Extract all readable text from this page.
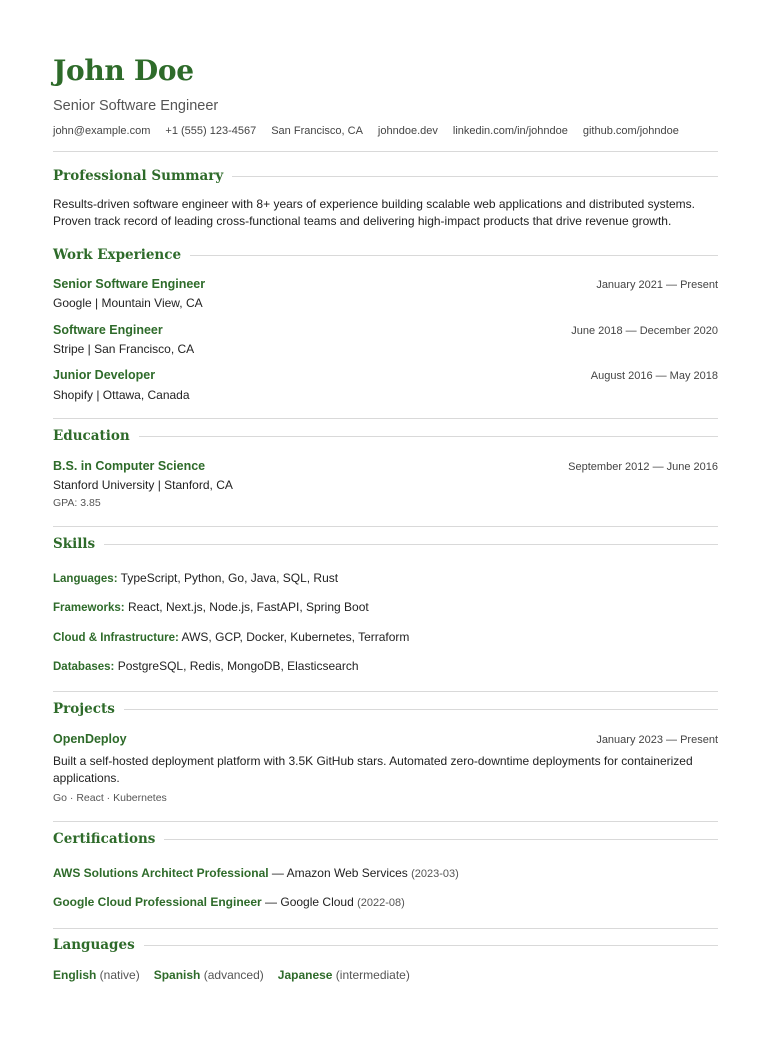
John Doe
Senior Software Engineer
john@example.com +1 (555) 123-4567 San Francisco, CA johndoe.dev linkedin.com/in/johndoe github.com/johndoe
Professional Summary
Results-driven software engineer with 8+ years of experience building scalable web applications and distributed systems. Proven track record of leading cross-functional teams and delivering high-impact products that drive revenue growth.
Work Experience
Senior Software Engineer	January 2021 — Present
Google | Mountain View, CA
Software Engineer	June 2018 — December 2020
Stripe | San Francisco, CA
Junior Developer	August 2016 — May 2018
Shopify | Ottawa, Canada
Education
B.S. in Computer Science	September 2012 — June 2016
Stanford University | Stanford, CA
GPA: 3.85
Skills
Languages: TypeScript, Python, Go, Java, SQL, Rust
Frameworks: React, Next.js, Node.js, FastAPI, Spring Boot
Cloud & Infrastructure: AWS, GCP, Docker, Kubernetes, Terraform
Databases: PostgreSQL, Redis, MongoDB, Elasticsearch
Projects
OpenDeploy	January 2023 — Present
Built a self-hosted deployment platform with 3.5K GitHub stars. Automated zero-downtime deployments for containerized applications.
Go · React · Kubernetes
Certifications
AWS Solutions Architect Professional — Amazon Web Services (2023-03)
Google Cloud Professional Engineer — Google Cloud (2022-08)
Languages
English (native) Spanish (advanced) Japanese (intermediate)
